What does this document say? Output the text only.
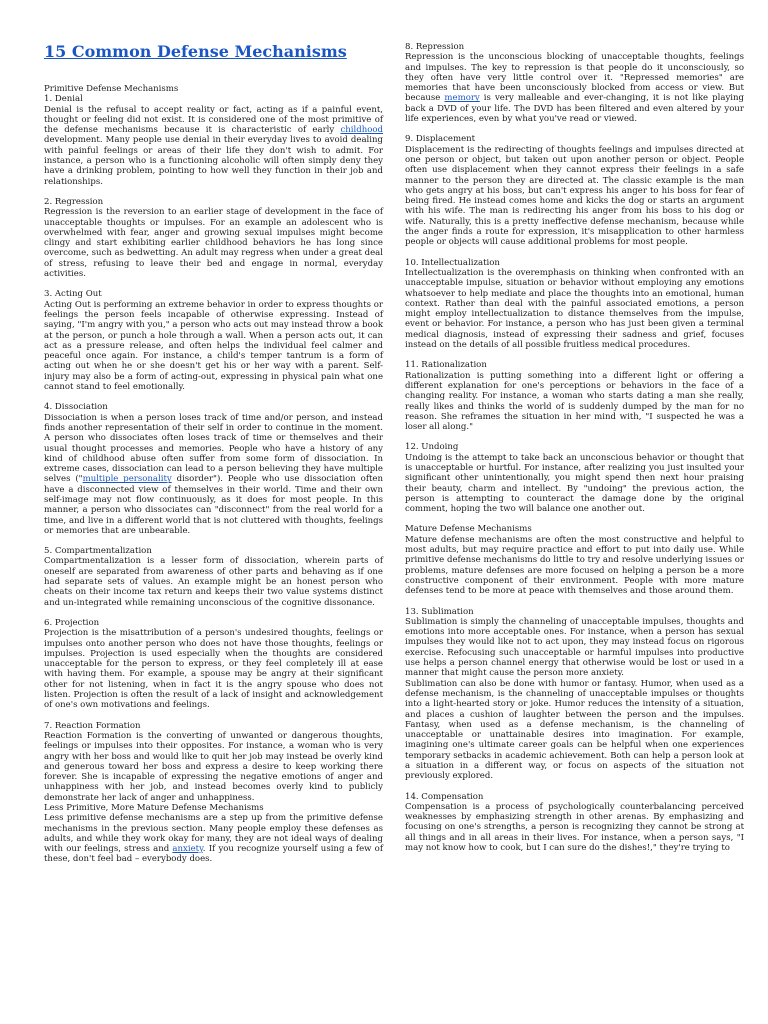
15 Common Defense Mechanisms

Primitive Defense Mechanisms

1. Denial

Denial is the refusal to accept reality or fact, acting as if a painful event, thought or feeling did not exist. It is considered one of the most primitive of the defense mechanisms because it is characteristic of early childhood development. Many people use denial in their everyday lives to avoid dealing with painful feelings or areas of their life they don't wish to admit. For instance, a person who is a functioning alcoholic will often simply deny they have a drinking problem, pointing to how well they function in their job and relationships.

2. Regression

Regression is the reversion to an earlier stage of development in the face of unacceptable thoughts or impulses. For an example an adolescent who is overwhelmed with fear, anger and growing sexual impulses might become clingy and start exhibiting earlier childhood behaviors he has long since overcome, such as bedwetting. An adult may regress when under a great deal of stress, refusing to leave their bed and engage in normal, everyday activities.

3. Acting Out

Acting Out is performing an extreme behavior in order to express thoughts or feelings the person feels incapable of otherwise expressing. Instead of saying, "I'm angry with you," a person who acts out may instead throw a book at the person, or punch a hole through a wall. When a person acts out, it can act as a pressure release, and often helps the individual feel calmer and peaceful once again. For instance, a child's temper tantrum is a form of acting out when he or she doesn't get his or her way with a parent. Self-injury may also be a form of acting-out, expressing in physical pain what one cannot stand to feel emotionally.

4. Dissociation

Dissociation is when a person loses track of time and/or person, and instead finds another representation of their self in order to continue in the moment. A person who dissociates often loses track of time or themselves and their usual thought processes and memories. People who have a history of any kind of childhood abuse often suffer from some form of dissociation. In extreme cases, dissociation can lead to a person believing they have multiple selves ("multiple personality disorder"). People who use dissociation often have a disconnected view of themselves in their world. Time and their own self-image may not flow continuously, as it does for most people. In this manner, a person who dissociates can "disconnect" from the real world for a time, and live in a different world that is not cluttered with thoughts, feelings or memories that are unbearable.

5. Compartmentalization

Compartmentalization is a lesser form of dissociation, wherein parts of oneself are separated from awareness of other parts and behaving as if one had separate sets of values. An example might be an honest person who cheats on their income tax return and keeps their two value systems distinct and un-integrated while remaining unconscious of the cognitive dissonance.

6. Projection

Projection is the misattribution of a person's undesired thoughts, feelings or impulses onto another person who does not have those thoughts, feelings or impulses. Projection is used especially when the thoughts are considered unacceptable for the person to express, or they feel completely ill at ease with having them. For example, a spouse may be angry at their significant other for not listening, when in fact it is the angry spouse who does not listen. Projection is often the result of a lack of insight and acknowledgement of one's own motivations and feelings.

7. Reaction Formation

Reaction Formation is the converting of unwanted or dangerous thoughts, feelings or impulses into their opposites. For instance, a woman who is very angry with her boss and would like to quit her job may instead be overly kind and generous toward her boss and express a desire to keep working there forever. She is incapable of expressing the negative emotions of anger and unhappiness with her job, and instead becomes overly kind to publicly demonstrate her lack of anger and unhappiness.

Less Primitive, More Mature Defense Mechanisms

Less primitive defense mechanisms are a step up from the primitive defense mechanisms in the previous section. Many people employ these defenses as adults, and while they work okay for many, they are not ideal ways of dealing with our feelings, stress and anxiety. If you recognize yourself using a few of these, don't feel bad – everybody does.

8. Repression

Repression is the unconscious blocking of unacceptable thoughts, feelings and impulses. The key to repression is that people do it unconsciously, so they often have very little control over it. "Repressed memories" are memories that have been unconsciously blocked from access or view. But because memory is very malleable and ever-changing, it is not like playing back a DVD of your life. The DVD has been filtered and even altered by your life experiences, even by what you've read or viewed.

9. Displacement

Displacement is the redirecting of thoughts feelings and impulses directed at one person or object, but taken out upon another person or object. People often use displacement when they cannot express their feelings in a safe manner to the person they are directed at. The classic example is the man who gets angry at his boss, but can't express his anger to his boss for fear of being fired. He instead comes home and kicks the dog or starts an argument with his wife. The man is redirecting his anger from his boss to his dog or wife. Naturally, this is a pretty ineffective defense mechanism, because while the anger finds a route for expression, it's misapplication to other harmless people or objects will cause additional problems for most people.

10. Intellectualization

Intellectualization is the overemphasis on thinking when confronted with an unacceptable impulse, situation or behavior without employing any emotions whatsoever to help mediate and place the thoughts into an emotional, human context. Rather than deal with the painful associated emotions, a person might employ intellectualization to distance themselves from the impulse, event or behavior. For instance, a person who has just been given a terminal medical diagnosis, instead of expressing their sadness and grief, focuses instead on the details of all possible fruitless medical procedures.

11. Rationalization

Rationalization is putting something into a different light or offering a different explanation for one's perceptions or behaviors in the face of a changing reality. For instance, a woman who starts dating a man she really, really likes and thinks the world of is suddenly dumped by the man for no reason. She reframes the situation in her mind with, "I suspected he was a loser all along."

12. Undoing

Undoing is the attempt to take back an unconscious behavior or thought that is unacceptable or hurtful. For instance, after realizing you just insulted your significant other unintentionally, you might spend then next hour praising their beauty, charm and intellect. By "undoing" the previous action, the person is attempting to counteract the damage done by the original comment, hoping the two will balance one another out.

Mature Defense Mechanisms

Mature defense mechanisms are often the most constructive and helpful to most adults, but may require practice and effort to put into daily use. While primitive defense mechanisms do little to try and resolve underlying issues or problems, mature defenses are more focused on helping a person be a more constructive component of their environment. People with more mature defenses tend to be more at peace with themselves and those around them.

13. Sublimation

Sublimation is simply the channeling of unacceptable impulses, thoughts and emotions into more acceptable ones. For instance, when a person has sexual impulses they would like not to act upon, they may instead focus on rigorous exercise. Refocusing such unacceptable or harmful impulses into productive use helps a person channel energy that otherwise would be lost or used in a manner that might cause the person more anxiety.

Sublimation can also be done with humor or fantasy. Humor, when used as a defense mechanism, is the channeling of unacceptable impulses or thoughts into a light-hearted story or joke. Humor reduces the intensity of a situation, and places a cushion of laughter between the person and the impulses. Fantasy, when used as a defense mechanism, is the channeling of unacceptable or unattainable desires into imagination. For example, imagining one's ultimate career goals can be helpful when one experiences temporary setbacks in academic achievement. Both can help a person look at a situation in a different way, or focus on aspects of the situation not previously explored.

14. Compensation

Compensation is a process of psychologically counterbalancing perceived weaknesses by emphasizing strength in other arenas. By emphasizing and focusing on one's strengths, a person is recognizing they cannot be strong at all things and in all areas in their lives. For instance, when a person says, "I may not know how to cook, but I can sure do the dishes!," they're trying to
